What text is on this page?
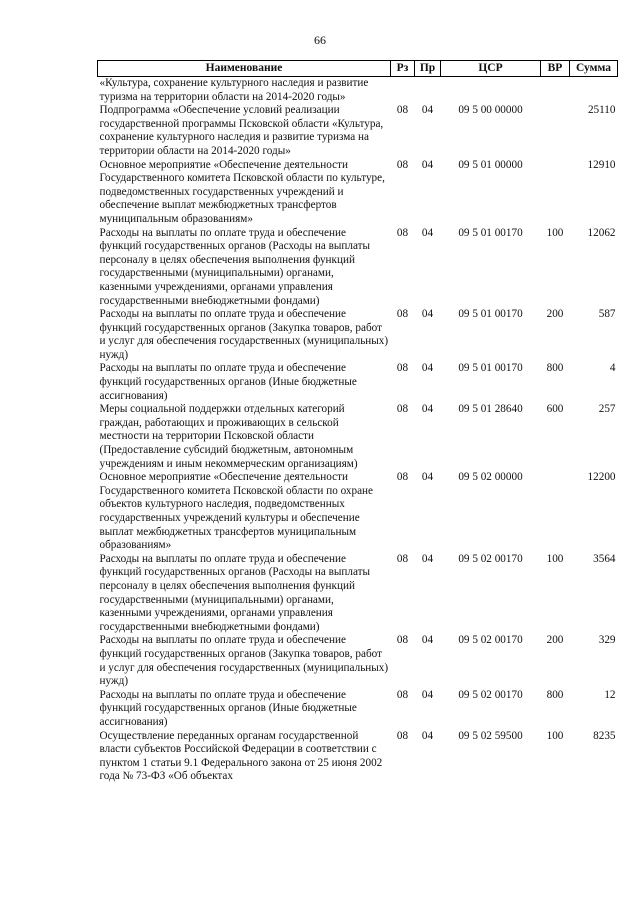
66
Наименование	Рз	Пр	ЦСР	ВР	Сумма
«Культура, сохранение культурного наследия и развитие туризма на территории области на 2014-2020 годы»					
Подпрограмма «Обеспечение условий реализации государственной программы Псковской области «Культура, сохранение культурного наследия и развитие туризма на территории области на 2014-2020 годы»	08	04	09 5 00 00000		25110
Основное мероприятие «Обеспечение деятельности Государственного комитета Псковской области по культуре, подведомственных государственных учреждений и обеспечение выплат межбюджетных трансфертов муниципальным образованиям»	08	04	09 5 01 00000		12910
Расходы на выплаты по оплате труда и обеспечение функций государственных органов (Расходы на выплаты персоналу в целях обеспечения выполнения функций государственными (муниципальными) органами, казенными учреждениями, органами управления государственными внебюджетными фондами)	08	04	09 5 01 00170	100	12062
Расходы на выплаты по оплате труда и обеспечение функций государственных органов (Закупка товаров, работ и услуг для обеспечения государственных (муниципальных) нужд)	08	04	09 5 01 00170	200	587
Расходы на выплаты по оплате труда и обеспечение функций государственных органов (Иные бюджетные ассигнования)	08	04	09 5 01 00170	800	4
Меры социальной поддержки отдельных категорий граждан, работающих и проживающих в сельской местности на территории Псковской области (Предоставление субсидий бюджетным, автономным учреждениям и иным некоммерческим организациям)	08	04	09 5 01 28640	600	257
Основное мероприятие «Обеспечение деятельности Государственного комитета Псковской области по охране объектов культурного наследия, подведомственных государственных учреждений культуры и обеспечение выплат межбюджетных трансфертов муниципальным образованиям»	08	04	09 5 02 00000		12200
Расходы на выплаты по оплате труда и обеспечение функций государственных органов (Расходы на выплаты персоналу в целях обеспечения выполнения функций государственными (муниципальными) органами, казенными учреждениями, органами управления государственными внебюджетными фондами)	08	04	09 5 02 00170	100	3564
Расходы на выплаты по оплате труда и обеспечение функций государственных органов (Закупка товаров, работ и услуг для обеспечения государственных (муниципальных) нужд)	08	04	09 5 02 00170	200	329
Расходы на выплаты по оплате труда и обеспечение функций государственных органов (Иные бюджетные ассигнования)	08	04	09 5 02 00170	800	12
Осуществление переданных органам государственной власти субъектов Российской Федерации в соответствии с пунктом 1 статьи 9.1 Федерального закона от 25 июня 2002 года № 73-ФЗ «Об объектах	08	04	09 5 02 59500	100	8235
